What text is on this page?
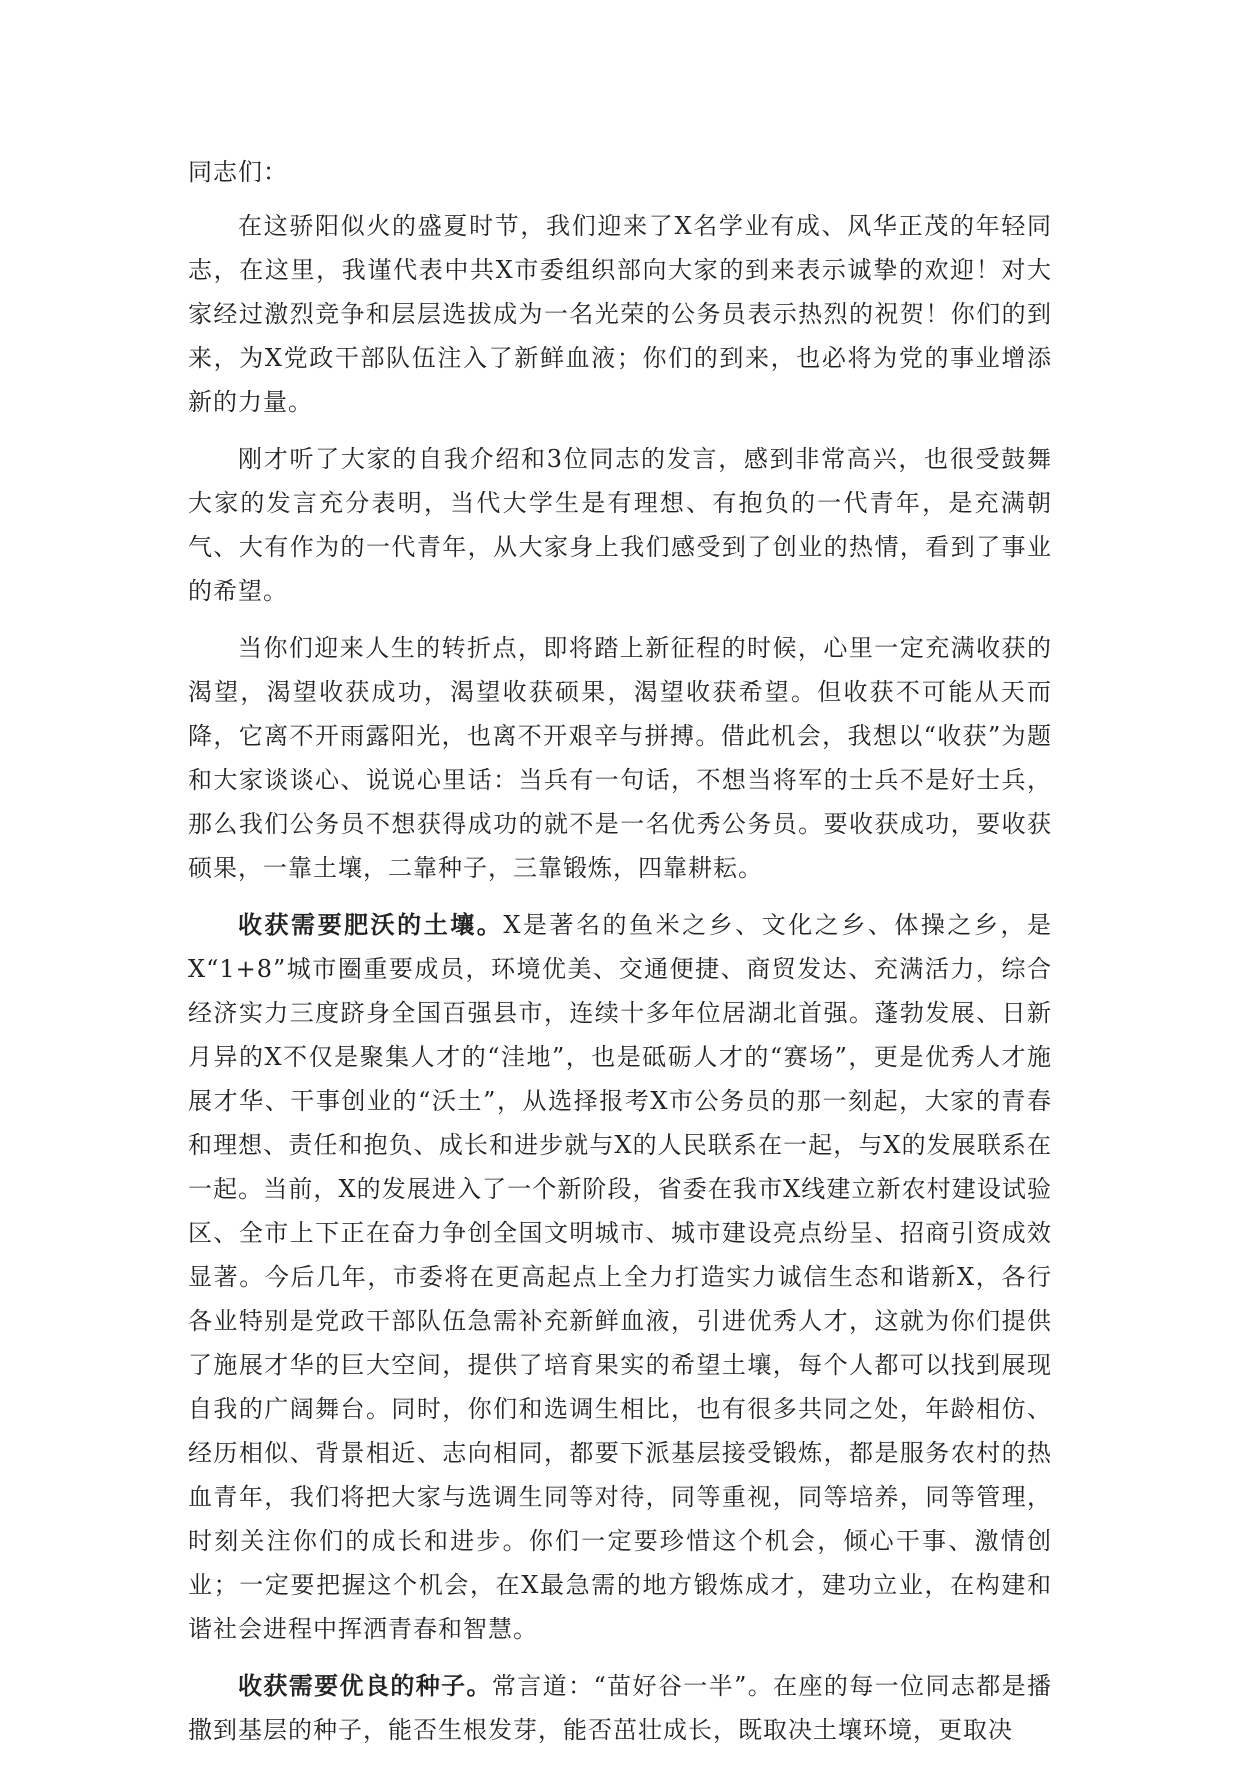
同志们：

在这骄阳似火的盛夏时节，我们迎来了X名学业有成、风华正茂的年轻同志，在这里，我谨代表中共X市委组织部向大家的到来表示诚挚的欢迎！对大家经过激烈竞争和层层选拔成为一名光荣的公务员表示热烈的祝贺！你们的到来，为X党政干部队伍注入了新鲜血液；你们的到来，也必将为党的事业增添新的力量。

刚才听了大家的自我介绍和3位同志的发言，感到非常高兴，也很受鼓舞大家的发言充分表明，当代大学生是有理想、有抱负的一代青年，是充满朝气、大有作为的一代青年，从大家身上我们感受到了创业的热情，看到了事业的希望。

当你们迎来人生的转折点，即将踏上新征程的时候，心里一定充满收获的渴望，渴望收获成功，渴望收获硕果，渴望收获希望。但收获不可能从天而降，它离不开雨露阳光，也离不开艰辛与拼搏。借此机会，我想以“收获”为题和大家谈谈心、说说心里话：当兵有一句话，不想当将军的士兵不是好士兵，那么我们公务员不想获得成功的就不是一名优秀公务员。要收获成功，要收获硕果，一靠土壤，二靠种子，三靠锻炼，四靠耕耘。

收获需要肥沃的土壤。X是著名的鱼米之乡、文化之乡、体操之乡，是X“1+8”城市圈重要成员，环境优美、交通便捷、商贸发达、充满活力，综合经济实力三度跻身全国百强县市，连续十多年位居湖北首强。蓬勃发展、日新月异的X不仅是聚集人才的“洼地”，也是砥砺人才的“赛场”，更是优秀人才施展才华、干事创业的“沃土”，从选择报考X市公务员的那一刻起，大家的青春和理想、责任和抱负、成长和进步就与X的人民联系在一起，与X的发展联系在一起。当前，X的发展进入了一个新阶段，省委在我市X线建立新农村建设试验区、全市上下正在奋力争创全国文明城市、城市建设亮点纷呈、招商引资成效显著。今后几年，市委将在更高起点上全力打造实力诚信生态和谐新X，各行各业特别是党政干部队伍急需补充新鲜血液，引进优秀人才，这就为你们提供了施展才华的巨大空间，提供了培育果实的希望土壤，每个人都可以找到展现自我的广阔舞台。同时，你们和选调生相比，也有很多共同之处，年龄相仿、经历相似、背景相近、志向相同，都要下派基层接受锻炼，都是服务农村的热血青年，我们将把大家与选调生同等对待，同等重视，同等培养，同等管理，时刻关注你们的成长和进步。你们一定要珍惜这个机会，倾心干事、激情创业；一定要把握这个机会，在X最急需的地方锻炼成才，建功立业，在构建和谐社会进程中挥洒青春和智慧。

收获需要优良的种子。常言道：“苗好谷一半”。在座的每一位同志都是播撒到基层的种子，能否生根发芽，能否茁壮成长，既取决土壤环境，更取决
